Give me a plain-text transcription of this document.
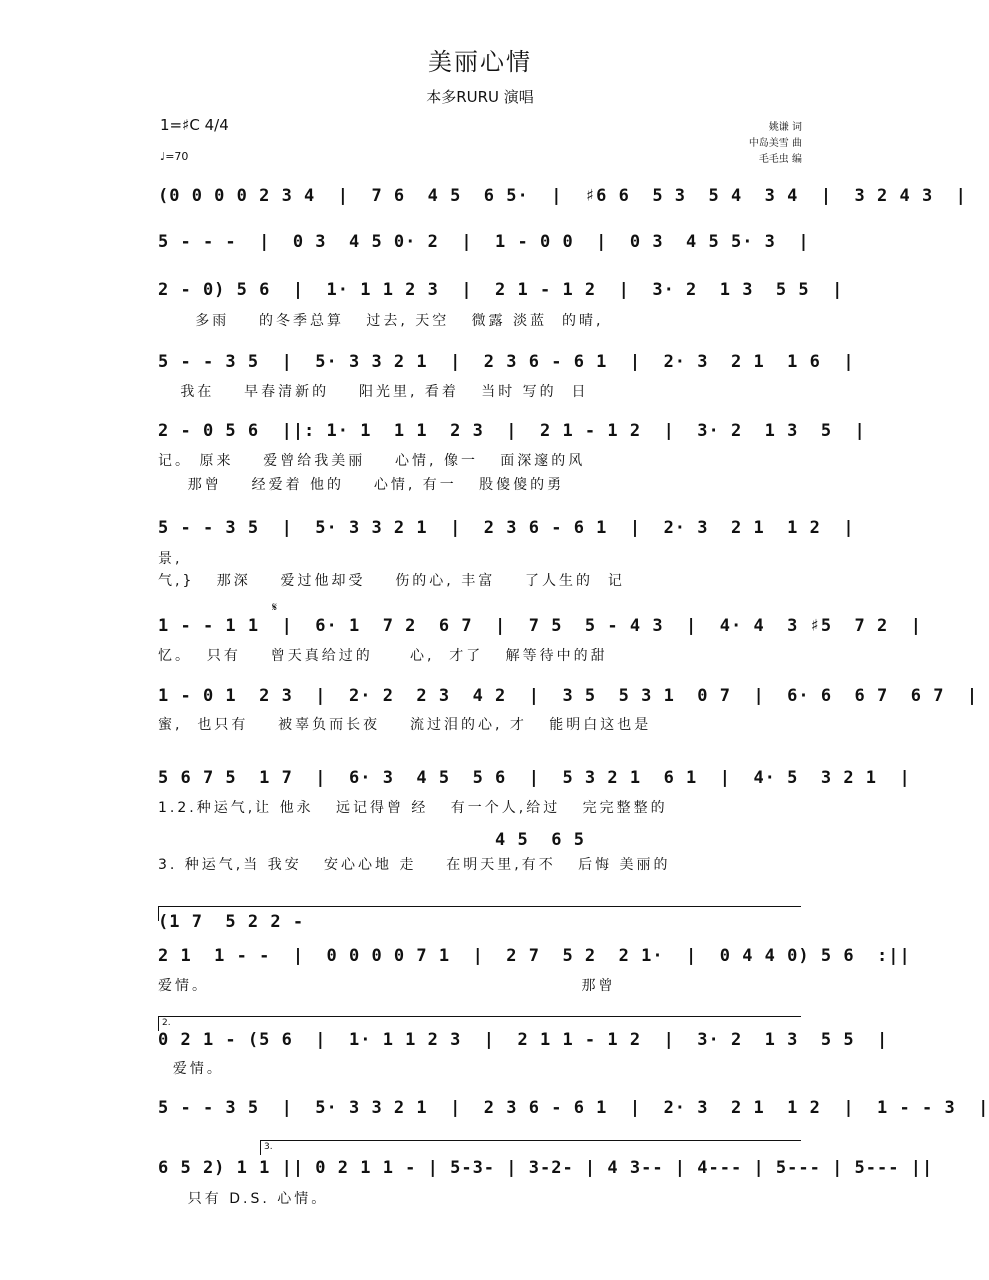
美丽心情
本多RURU 演唱
1=♯C 4/4
♩=70
姚谦 词
中岛美雪 曲
毛毛虫 编
(0 0 0 0 2 3 4  |  7 6  4 5  6 5·  |  ♯6 6  5 3  5 4  3 4  |  3 2 4 3  |
5 - - -  |  0 3  4 5 0· 2  |  1 - 0 0  |  0 3  4 5 5· 3  |
2 - 0) 5 6  |  1· 1 1 2 3  |  2 1 - 1 2  |  3· 2  1 3  5 5  |
多雨    的冬季总算   过去, 天空   微露 淡蓝  的晴,
5 - - 3 5  |  5· 3 3 2 1  |  2 3 6 - 6 1  |  2· 3  2 1  1 6  |
我在    早春清新的    阳光里, 看着   当时 写的  日
2 - 0 5 6  ||: 1· 1  1 1  2 3  |  2 1 - 1 2  |  3· 2  1 3  5  |
记。 原来    爱曾给我美丽    心情, 像一   面深邃的风
那曾    经爱着 他的    心情, 有一   股傻傻的勇
5 - - 3 5  |  5· 3 3 2 1  |  2 3 6 - 6 1  |  2· 3  2 1  1 2  |
景,
气,}   那深    爱过他却受    伤的心, 丰富    了人生的  记
𝄋
1 - - 1 1  |  6· 1  7 2  6 7  |  7 5  5 - 4 3  |  4· 4  3 ♯5  7 2  |
忆。  只有    曾天真给过的     心,  才了   解等待中的甜
1 - 0 1  2 3  |  2· 2  2 3  4 2  |  3 5  5 3 1  0 7  |  6· 6  6 7  6 7  |
蜜,  也只有    被辜负而长夜    流过泪的心, 才   能明白这也是
5 6 7 5  1 7  |  6· 3  4 5  5 6  |  5 3 2 1  6 1  |  4· 5  3 2 1  |
1.2.种运气,让 他永   远记得曾 经   有一个人,给过   完完整整的
4 5  6 5
3. 种运气,当 我安   安心心地 走    在明天里,有不   后悔 美丽的
(1 7  5 2 2 -
2 1  1 - -  |  0 0 0 0 7 1  |  2 7  5 2  2 1·  |  0 4 4 0) 5 6  :||
爱情。                                                  那曾
2.
0 2 1 - (5 6  |  1· 1 1 2 3  |  2 1 1 - 1 2  |  3· 2  1 3  5 5  |
爱情。
5 - - 3 5  |  5· 3 3 2 1  |  2 3 6 - 6 1  |  2· 3  2 1  1 2  |  1 - - 3  |
3.
6 5 2) 1 1 || 0 2 1 1 - | 5-3- | 3-2- | 4 3-- | 4--- | 5--- | 5--- ||
只有 D.S. 心情。
